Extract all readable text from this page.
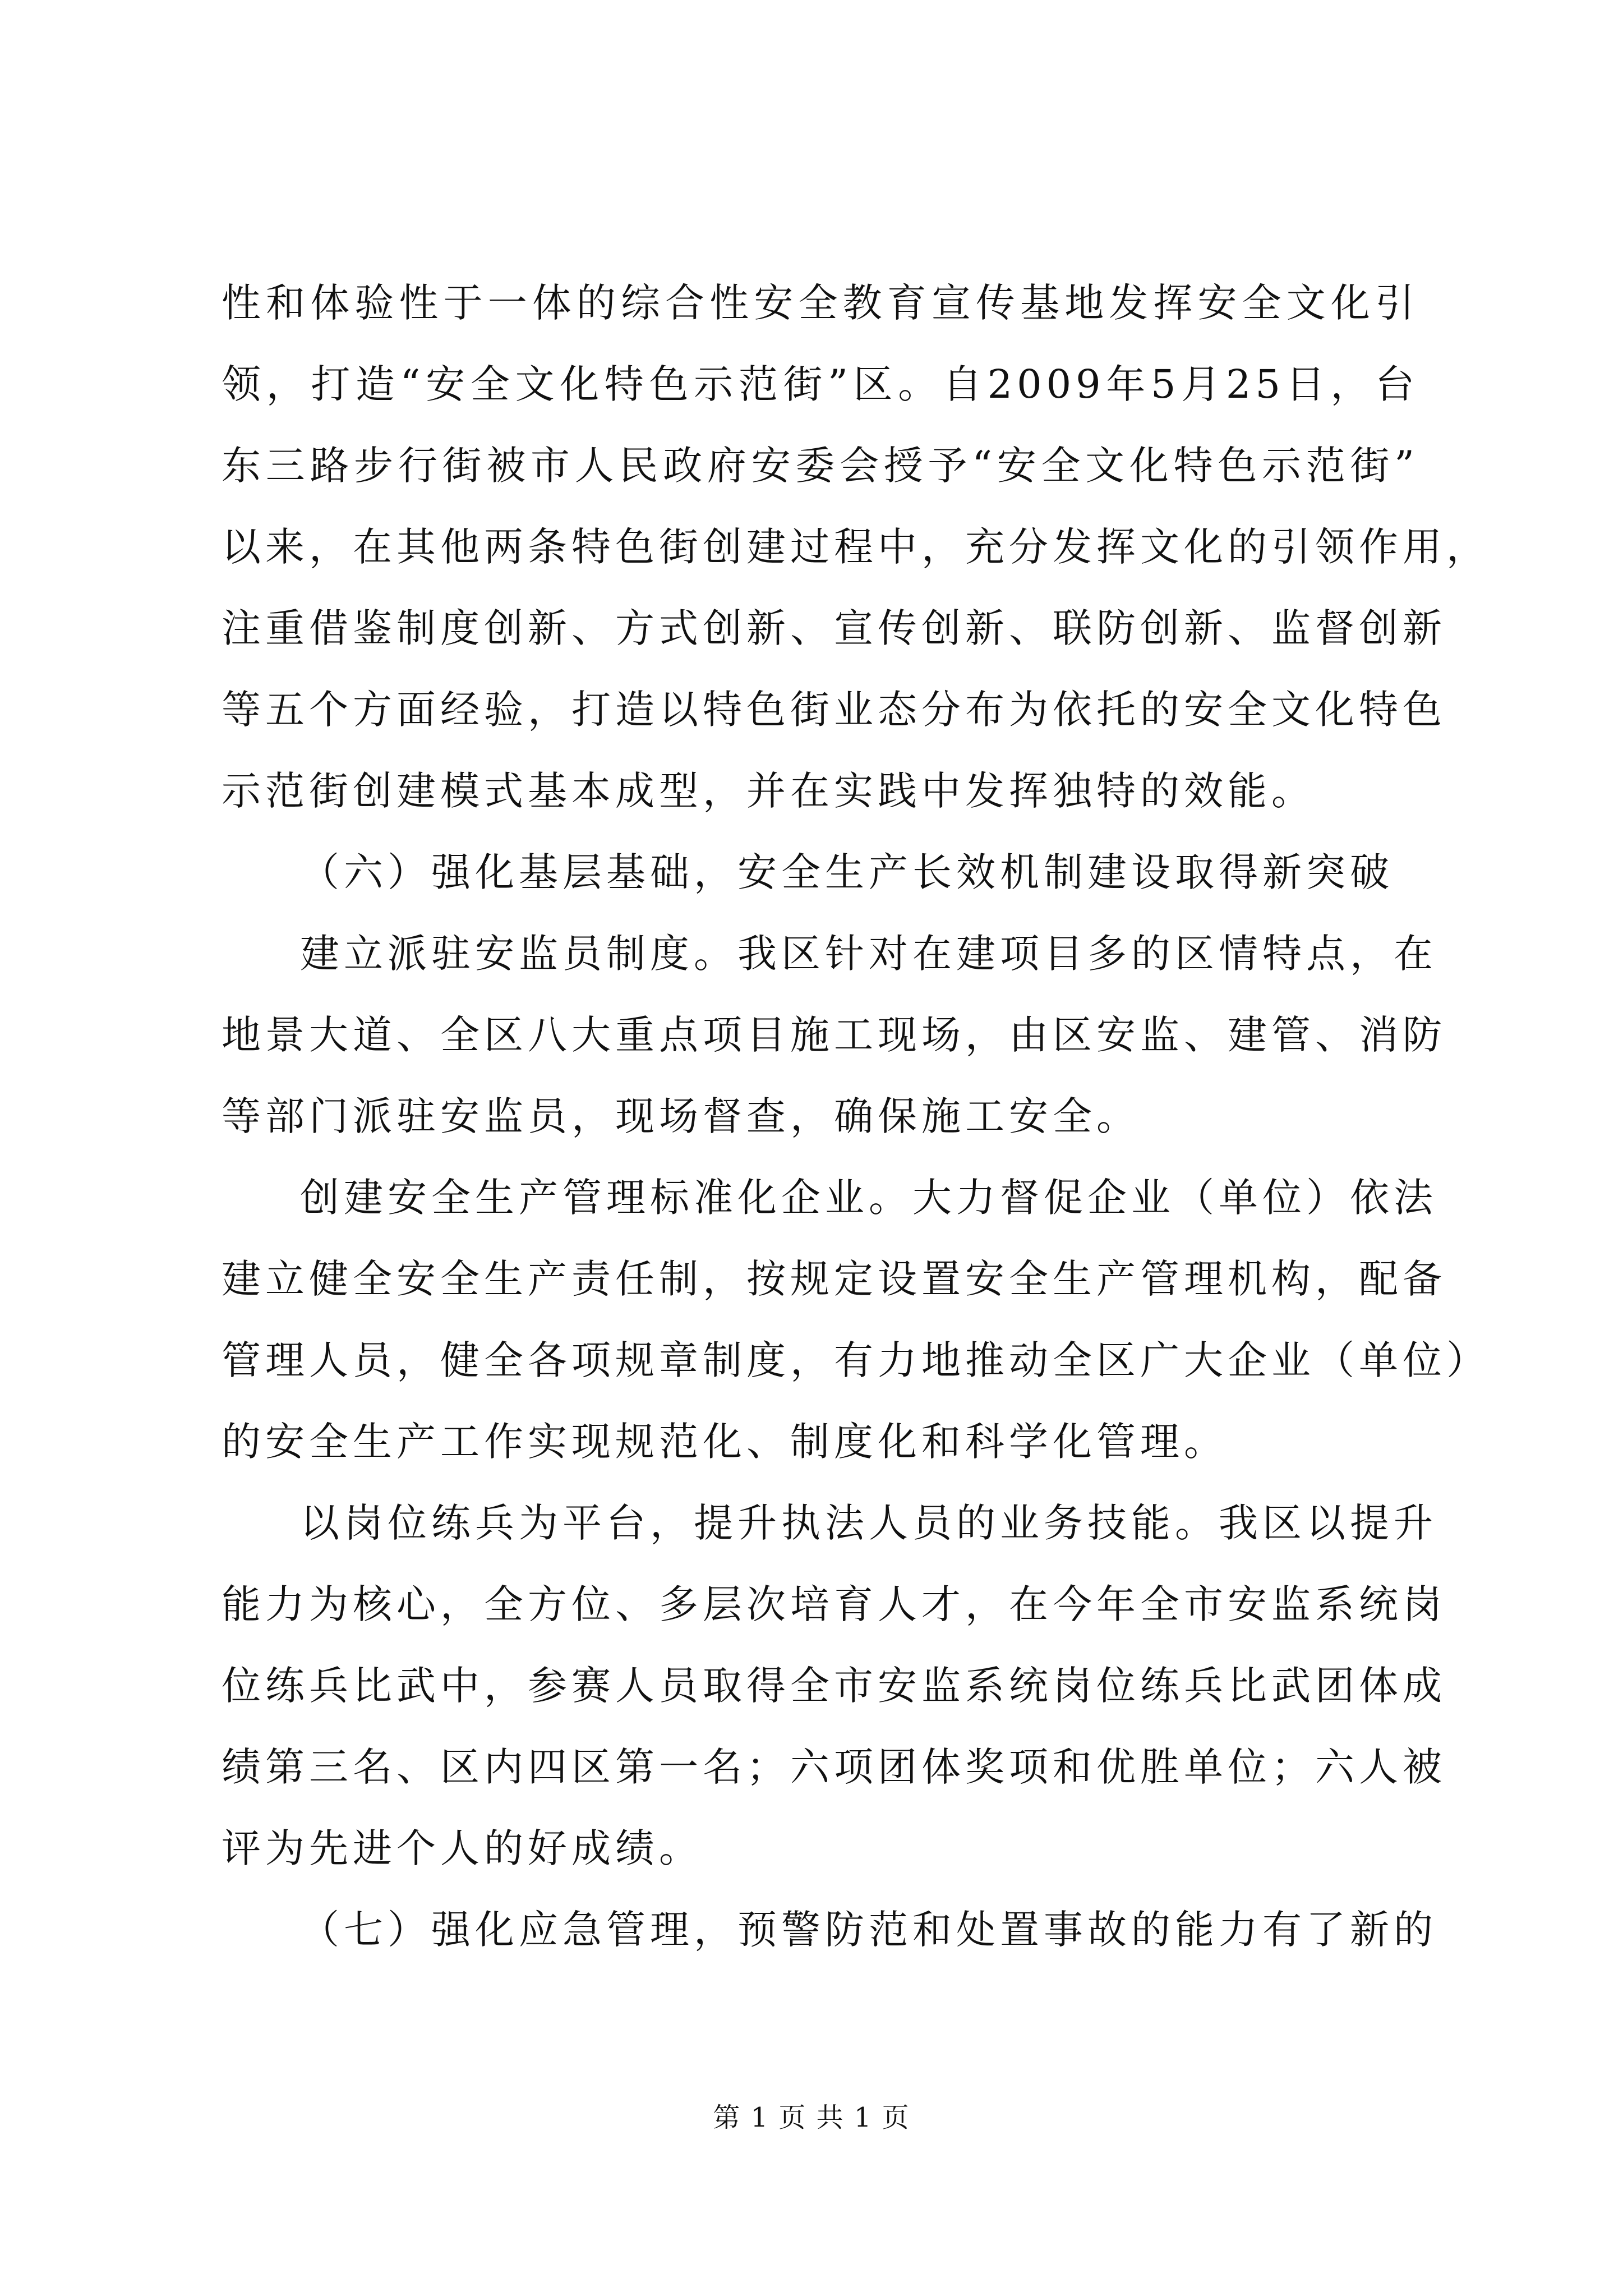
性和体验性于一体的综合性安全教育宣传基地发挥安全文化引
领，打造“安全文化特色示范街”区。自2009年5月25日，台
东三路步行街被市人民政府安委会授予“安全文化特色示范街”
以来，在其他两条特色街创建过程中，充分发挥文化的引领作用，
注重借鉴制度创新、方式创新、宣传创新、联防创新、监督创新
等五个方面经验，打造以特色街业态分布为依托的安全文化特色
示范街创建模式基本成型，并在实践中发挥独特的效能。
（六）强化基层基础，安全生产长效机制建设取得新突破
建立派驻安监员制度。我区针对在建项目多的区情特点，在
地景大道、全区八大重点项目施工现场，由区安监、建管、消防
等部门派驻安监员，现场督查，确保施工安全。
创建安全生产管理标准化企业。大力督促企业（单位）依法
建立健全安全生产责任制，按规定设置安全生产管理机构，配备
管理人员，健全各项规章制度，有力地推动全区广大企业（单位）
的安全生产工作实现规范化、制度化和科学化管理。
以岗位练兵为平台，提升执法人员的业务技能。我区以提升
能力为核心，全方位、多层次培育人才，在今年全市安监系统岗
位练兵比武中，参赛人员取得全市安监系统岗位练兵比武团体成
绩第三名、区内四区第一名；六项团体奖项和优胜单位；六人被
评为先进个人的好成绩。
（七）强化应急管理，预警防范和处置事故的能力有了新的
第 1 页 共 1 页
